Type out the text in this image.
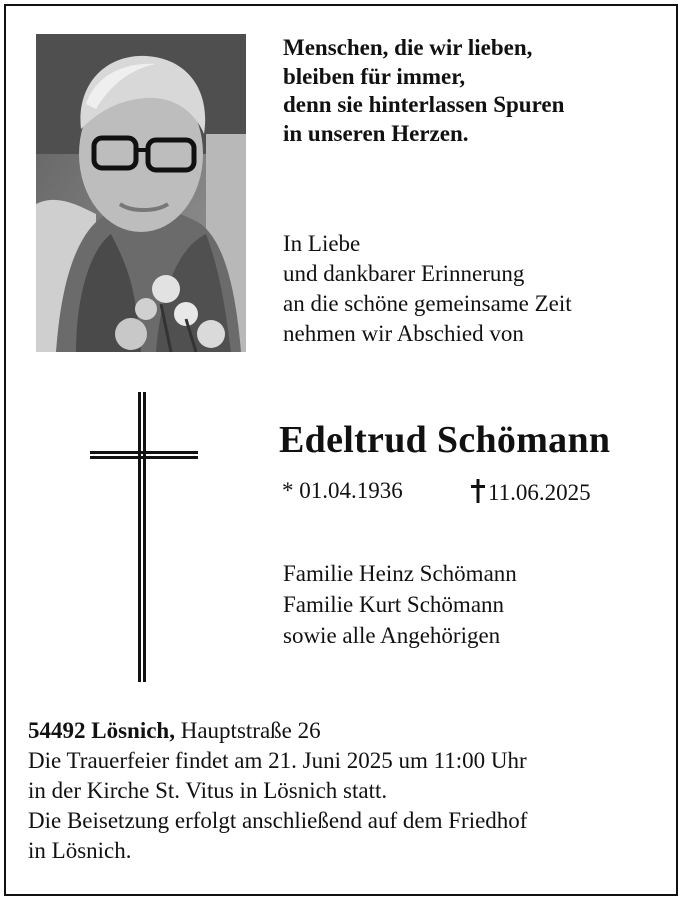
Menschen, die wir lieben,
bleiben für immer,
denn sie hinterlassen Spuren
in unseren Herzen.
In Liebe
und dankbarer Erinnerung
an die schöne gemeinsame Zeit
nehmen wir Abschied von
Edeltrud Schömann
* 01.04.1936	11.06.2025
Familie Heinz Schömann
Familie Kurt Schömann
sowie alle Angehörigen
54492 Lösnich, Hauptstraße 26
Die Trauerfeier findet am 21. Juni 2025 um 11:00 Uhr
in der Kirche St. Vitus in Lösnich statt.
Die Beisetzung erfolgt anschließend auf dem Friedhof
in Lösnich.
